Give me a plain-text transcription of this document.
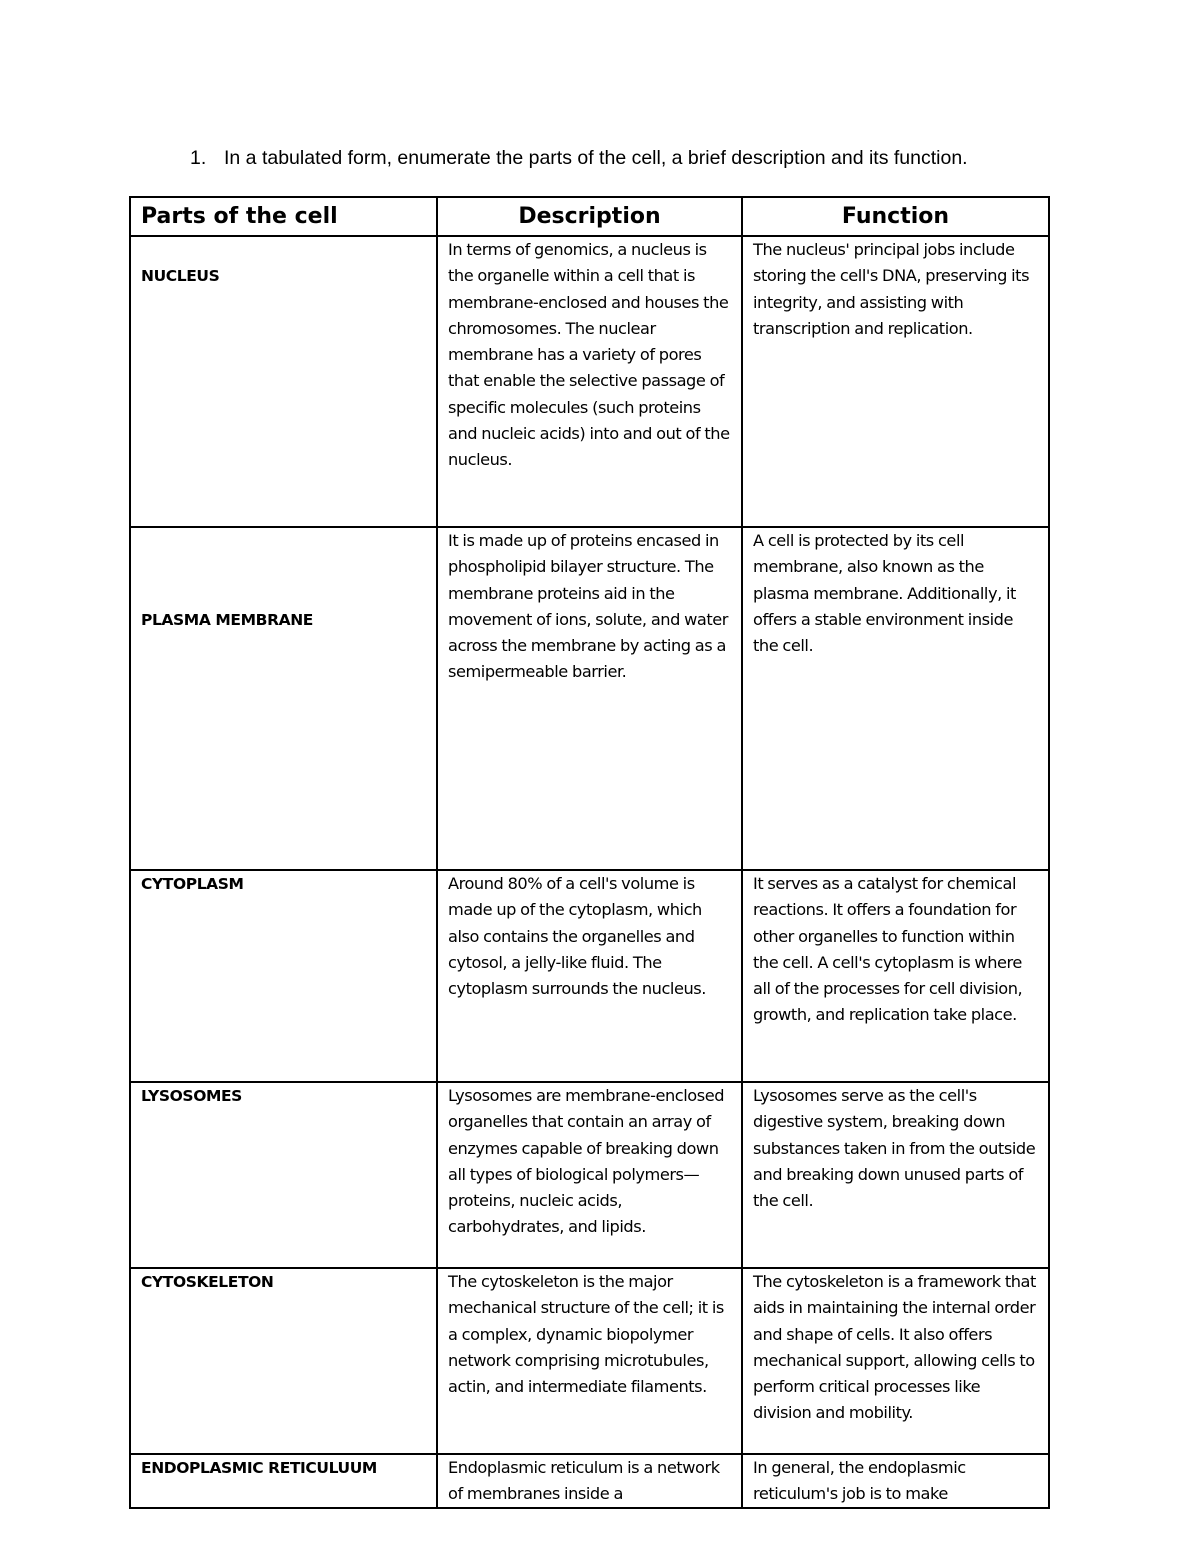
1. In a tabulated form, enumerate the parts of the cell, a brief description and its function.
Parts of the cell	Description	Function
NUCLEUS	In terms of genomics, a nucleus is the organelle within a cell that is membrane-enclosed and houses the chromosomes. The nuclear membrane has a variety of pores that enable the selective passage of specific molecules (such proteins and nucleic acids) into and out of the nucleus.	The nucleus' principal jobs include storing the cell's DNA, preserving its integrity, and assisting with transcription and replication.
PLASMA MEMBRANE	It is made up of proteins encased in phospholipid bilayer structure. The membrane proteins aid in the movement of ions, solute, and water across the membrane by acting as a semipermeable barrier.	A cell is protected by its cell membrane, also known as the plasma membrane. Additionally, it offers a stable environment inside the cell.
CYTOPLASM	Around 80% of a cell's volume is made up of the cytoplasm, which also contains the organelles and cytosol, a jelly-like fluid. The cytoplasm surrounds the nucleus.	It serves as a catalyst for chemical reactions. It offers a foundation for other organelles to function within the cell. A cell's cytoplasm is where all of the processes for cell division, growth, and replication take place.
LYSOSOMES	Lysosomes are membrane-enclosed organelles that contain an array of enzymes capable of breaking down all types of biological polymers—proteins, nucleic acids, carbohydrates, and lipids.	Lysosomes serve as the cell's digestive system, breaking down substances taken in from the outside and breaking down unused parts of the cell.
CYTOSKELETON	The cytoskeleton is the major mechanical structure of the cell; it is a complex, dynamic biopolymer network comprising microtubules, actin, and intermediate filaments.	The cytoskeleton is a framework that aids in maintaining the internal order and shape of cells. It also offers mechanical support, allowing cells to perform critical processes like division and mobility.
ENDOPLASMIC RETICULUUM	Endoplasmic reticulum is a network of membranes inside a	In general, the endoplasmic reticulum's job is to make
